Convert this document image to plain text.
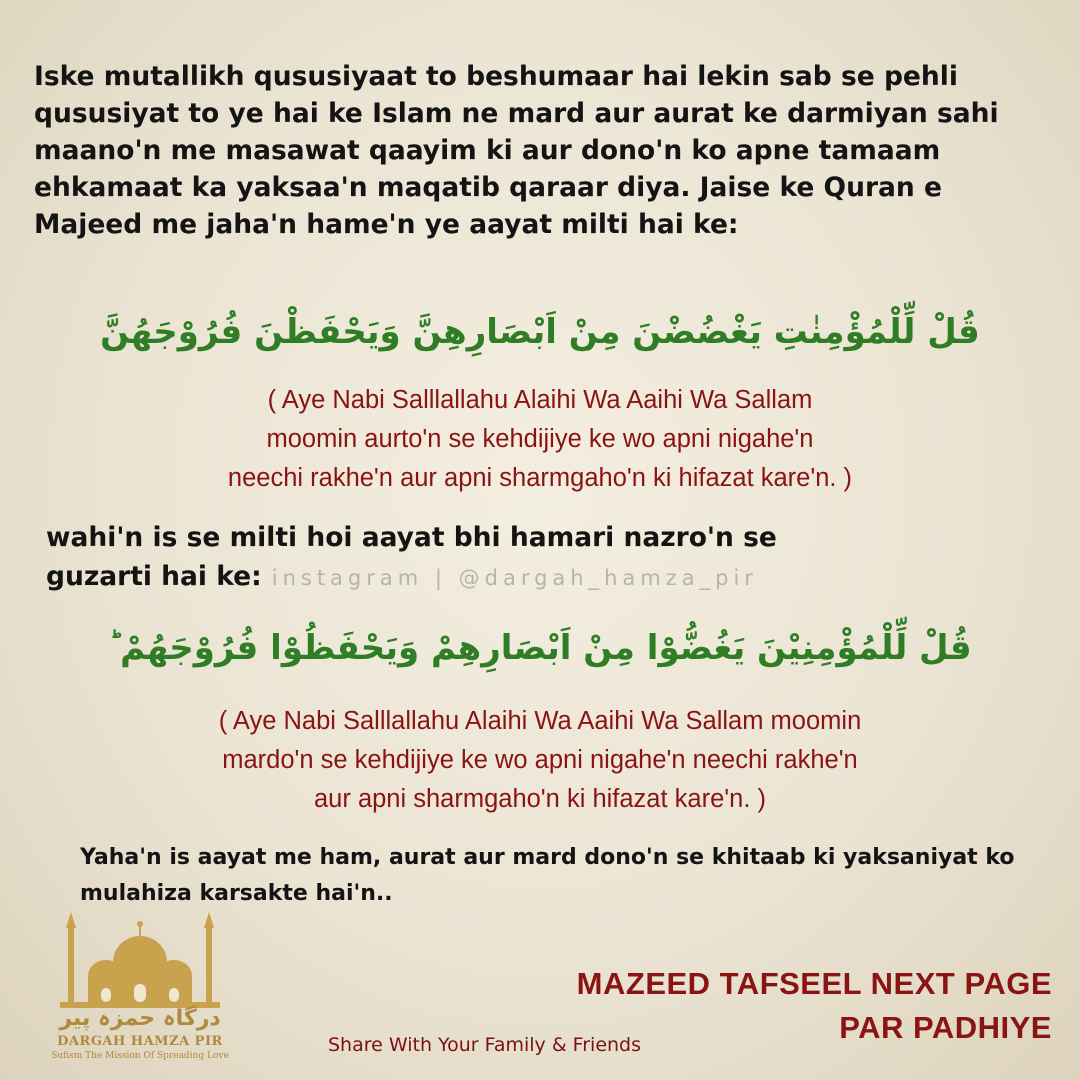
Iske mutallikh qususiyaat to beshumaar hai lekin sab se pehli qususiyat to ye hai ke Islam ne mard aur aurat ke darmiyan sahi maano'n me masawat qaayim ki aur dono'n ko apne tamaam ehkamaat ka yaksaa'n maqatib qaraar diya. Jaise ke Quran e Majeed me jaha'n hame'n ye aayat milti hai ke:

قُلْ لِّلْمُؤْمِنٰتِ يَغْضُضْنَ مِنْ اَبْصَارِهِنَّ وَيَحْفَظْنَ فُرُوْجَهُنَّ
( Aye Nabi Salllallahu Alaihi Wa Aaihi Wa Sallam
moomin aurto'n se kehdijiye ke wo apni nigahe'n
neechi rakhe'n aur apni sharmgaho'n ki hifazat kare'n. )
wahi'n is se milti hoi aayat bhi hamari nazro'n se
guzarti hai ke: instagram | @dargah_hamza_pir
قُلْ لِّلْمُؤْمِنِيْنَ يَغُضُّوْا مِنْ اَبْصَارِهِمْ وَيَحْفَظُوْا فُرُوْجَهُمْ ؕ
( Aye Nabi Salllallahu Alaihi Wa Aaihi Wa Sallam moomin
mardo'n se kehdijiye ke wo apni nigahe'n neechi rakhe'n
aur apni sharmgaho'n ki hifazat kare'n. )

Yaha'n is aayat me ham, aurat aur mard dono'n se khitaab ki yaksaniyat ko mulahiza karsakte hai'n..

درگاہ حمزہ پیر
DARGAH HAMZA PIR
Sufism The Mission Of Spreading Love	Share With Your Family & Friends
MAZEED TAFSEEL NEXT PAGE
PAR PADHIYE
